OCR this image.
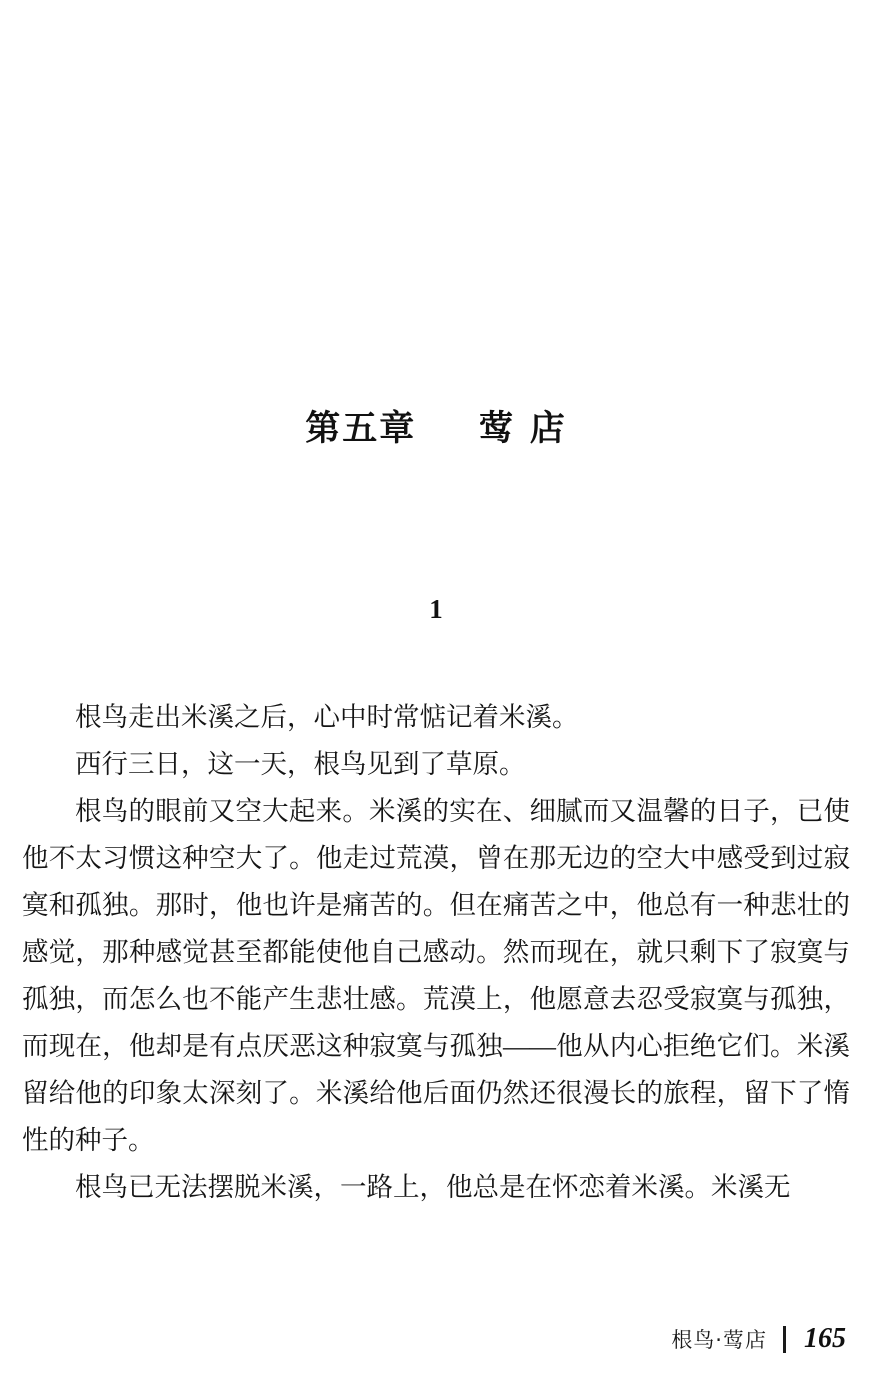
第五章 莺 店
1

根鸟走出米溪之后，心中时常惦记着米溪。

西行三日，这一天，根鸟见到了草原。

根鸟的眼前又空大起来。米溪的实在、细腻而又温馨的日子，已使他不太习惯这种空大了。他走过荒漠，曾在那无边的空大中感受到过寂寞和孤独。那时，他也许是痛苦的。但在痛苦之中，他总有一种悲壮的感觉，那种感觉甚至都能使他自己感动。然而现在，就只剩下了寂寞与孤独，而怎么也不能产生悲壮感。荒漠上，他愿意去忍受寂寞与孤独，而现在，他却是有点厌恶这种寂寞与孤独——他从内心拒绝它们。米溪留给他的印象太深刻了。米溪给他后面仍然还很漫长的旅程，留下了惰性的种子。

根鸟已无法摆脱米溪，一路上，他总是在怀恋着米溪。米溪无

根鸟·莺店 165
